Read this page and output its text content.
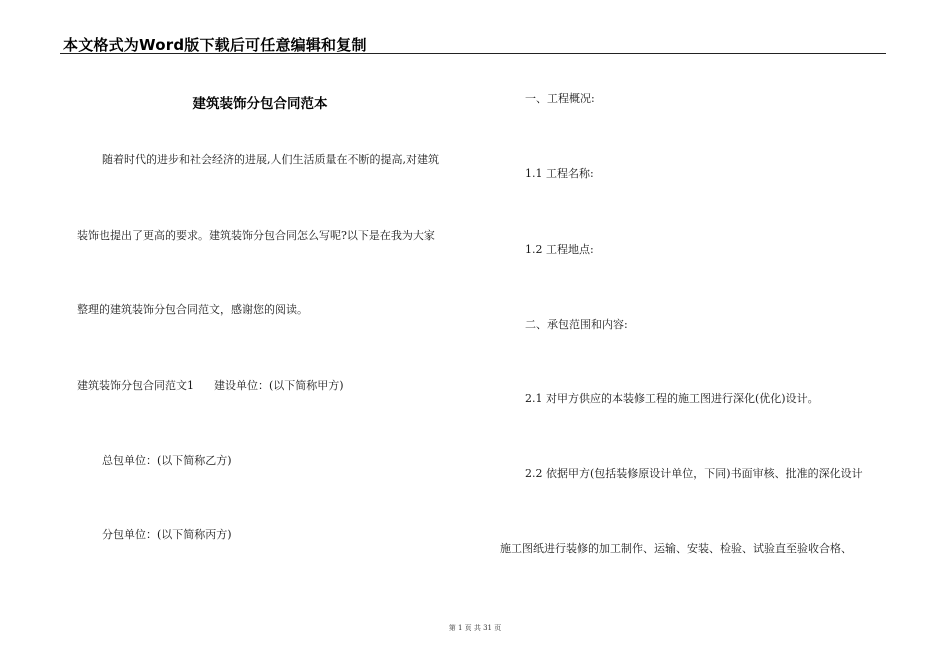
本文格式为Word版下载后可任意编辑和复制
建筑装饰分包合同范本
随着时代的进步和社会经济的进展,人们生活质量在不断的提高,对建筑
装饰也提出了更高的要求。建筑装饰分包合同怎么写呢?以下是在我为大家
整理的建筑装饰分包合同范文，感谢您的阅读。
建筑装饰分包合同范文1 建设单位：(以下简称甲方)
总包单位：(以下简称乙方)
分包单位：(以下简称丙方)
一、工程概况:
1.1 工程名称:
1.2 工程地点:
二、承包范围和内容:
2.1 对甲方供应的本装修工程的施工图进行深化(优化)设计。
2.2 依据甲方(包括装修原设计单位，下同)书面审核、批准的深化设计
施工图纸进行装修的加工制作、运输、安装、检验、试验直至验收合格、
第 1 页 共 31 页
